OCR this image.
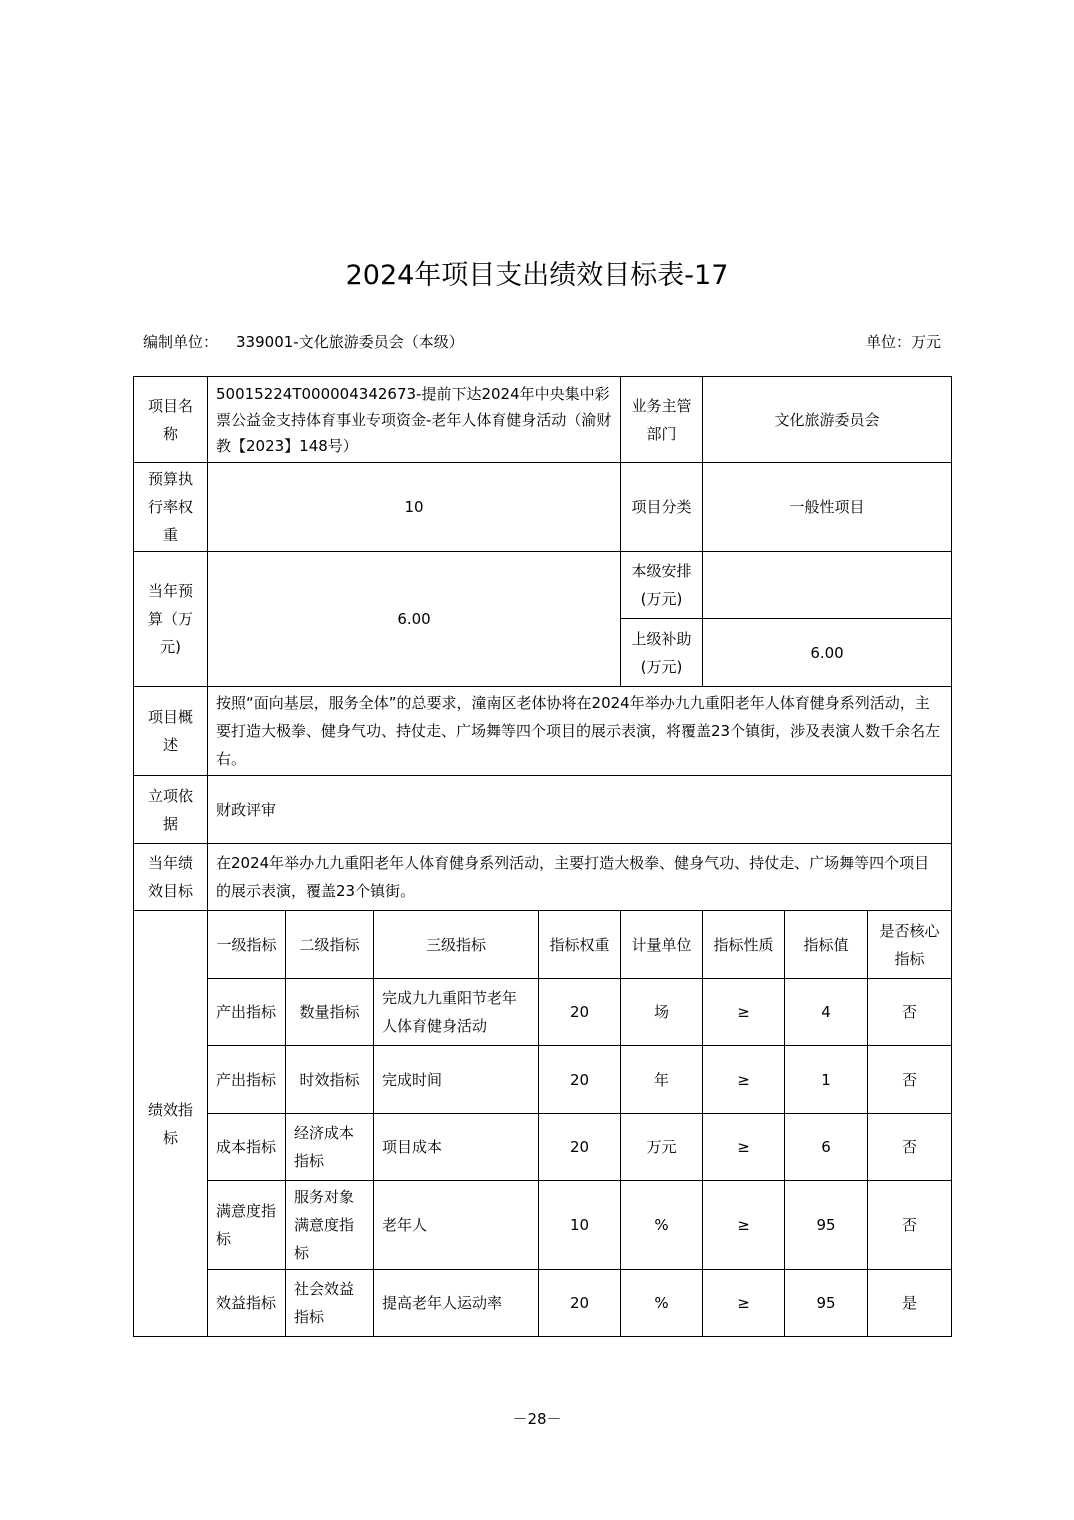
2024年项目支出绩效目标表-17
编制单位： 339001-文化旅游委员会（本级）	单位：万元
项目名称	50015224T000004342673-提前下达2024年中央集中彩票公益金支持体育事业专项资金-老年人体育健身活动（渝财教【2023】148号）				业务主管部门	文化旅游委员会		
预算执行率权重	10				项目分类	一般性项目		
当年预算（万元)	6.00				本级安排(万元)			
					上级补助(万元)	6.00		
项目概述	按照“面向基层，服务全体”的总要求，潼南区老体协将在2024年举办九九重阳老年人体育健身系列活动，主要打造大极拳、健身气功、持仗走、广场舞等四个项目的展示表演，将覆盖23个镇街，涉及表演人数千余名左右。							
立项依据	财政评审							
当年绩效目标	在2024年举办九九重阳老年人体育健身系列活动，主要打造大极拳、健身气功、持仗走、广场舞等四个项目的展示表演，覆盖23个镇街。							
绩效指标	一级指标	二级指标	三级指标	指标权重	计量单位	指标性质	指标值	是否核心指标
	产出指标	数量指标	完成九九重阳节老年人体育健身活动	20	场	≥	4	否
	产出指标	时效指标	完成时间	20	年	≥	1	否
	成本指标	经济成本指标	项目成本	20	万元	≥	6	否
	满意度指标	服务对象满意度指标	老年人	10	%	≥	95	否
	效益指标	社会效益指标	提高老年人运动率	20	%	≥	95	是
－28－
